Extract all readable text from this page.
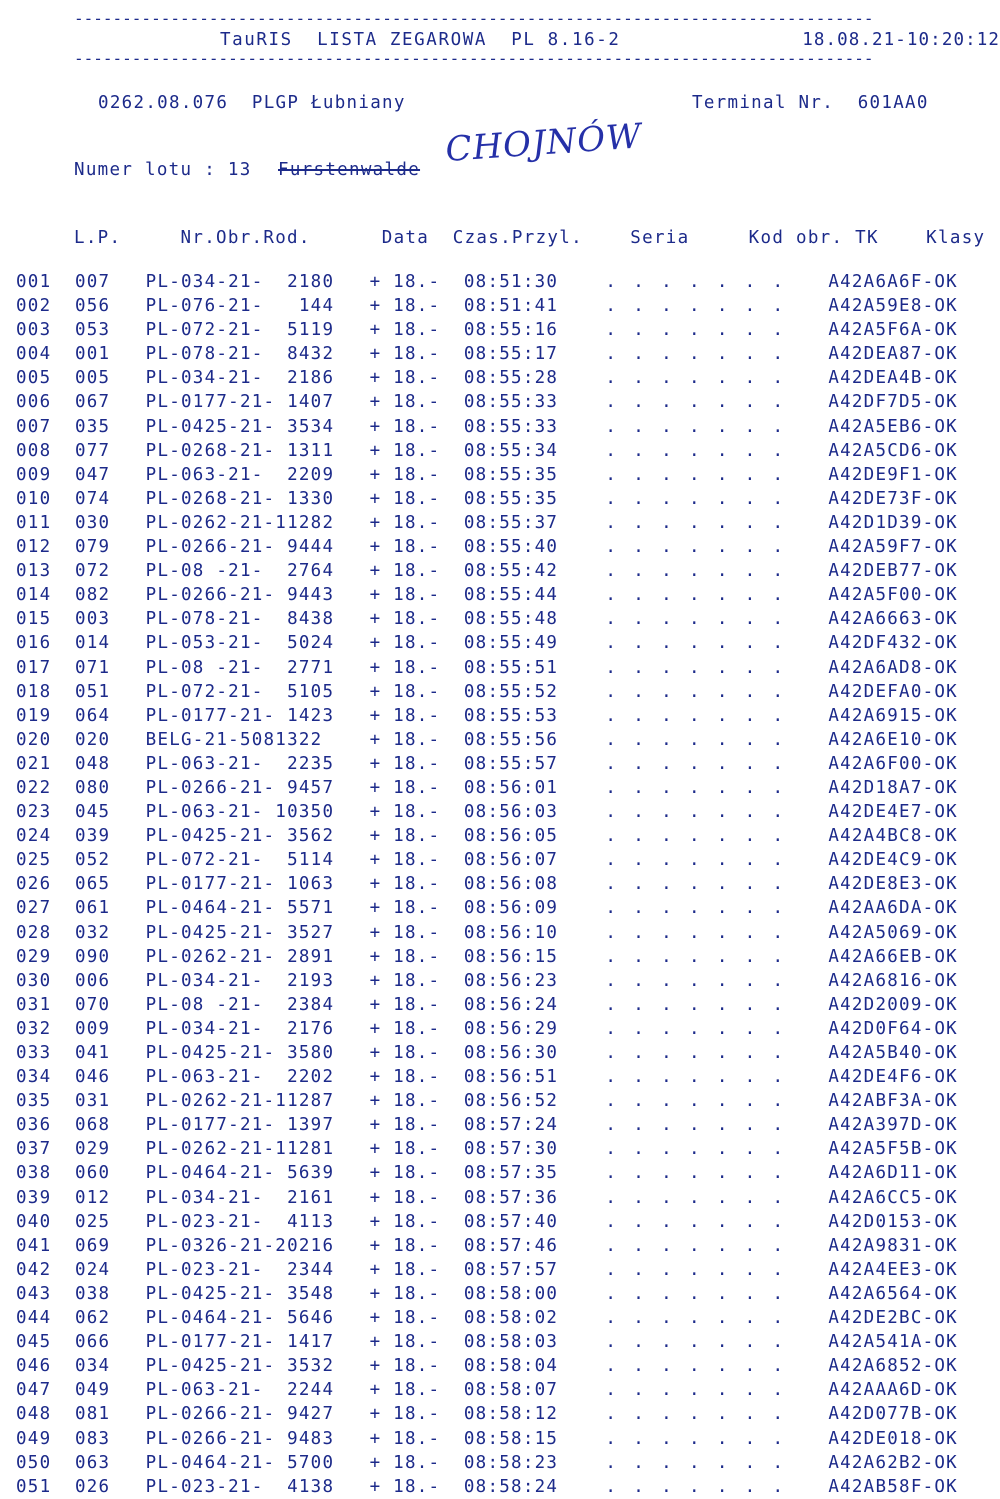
-----------------------------------------------------------------------------------
TauRIS  LISTA ZEGAROWA  PL 8.16-2	18.08.21-10:20:12
-----------------------------------------------------------------------------------
0262.08.076  PLGP Łubniany	Terminal Nr.  601AA0
Numer lotu : 13 Furstenwalde CHOJNÓW
L.P.     Nr.Obr.Rod.      Data  Czas.Przyl.    Seria     Kod obr. TK    Klasy
001  007   PL-034-21-  2180   + 18.-  08:51:30    . . . . . . .   A42A6A6F-OK
002  056   PL-076-21-   144   + 18.-  08:51:41    . . . . . . .   A42A59E8-OK
003  053   PL-072-21-  5119   + 18.-  08:55:16    . . . . . . .   A42A5F6A-OK
004  001   PL-078-21-  8432   + 18.-  08:55:17    . . . . . . .   A42DEA87-OK
005  005   PL-034-21-  2186   + 18.-  08:55:28    . . . . . . .   A42DEA4B-OK
006  067   PL-0177-21- 1407   + 18.-  08:55:33    . . . . . . .   A42DF7D5-OK
007  035   PL-0425-21- 3534   + 18.-  08:55:33    . . . . . . .   A42A5EB6-OK
008  077   PL-0268-21- 1311   + 18.-  08:55:34    . . . . . . .   A42A5CD6-OK
009  047   PL-063-21-  2209   + 18.-  08:55:35    . . . . . . .   A42DE9F1-OK
010  074   PL-0268-21- 1330   + 18.-  08:55:35    . . . . . . .   A42DE73F-OK
011  030   PL-0262-21-11282   + 18.-  08:55:37    . . . . . . .   A42D1D39-OK
012  079   PL-0266-21- 9444   + 18.-  08:55:40    . . . . . . .   A42A59F7-OK
013  072   PL-08 -21-  2764   + 18.-  08:55:42    . . . . . . .   A42DEB77-OK
014  082   PL-0266-21- 9443   + 18.-  08:55:44    . . . . . . .   A42A5F00-OK
015  003   PL-078-21-  8438   + 18.-  08:55:48    . . . . . . .   A42A6663-OK
016  014   PL-053-21-  5024   + 18.-  08:55:49    . . . . . . .   A42DF432-OK
017  071   PL-08 -21-  2771   + 18.-  08:55:51    . . . . . . .   A42A6AD8-OK
018  051   PL-072-21-  5105   + 18.-  08:55:52    . . . . . . .   A42DEFA0-OK
019  064   PL-0177-21- 1423   + 18.-  08:55:53    . . . . . . .   A42A6915-OK
020  020   BELG-21-5081322    + 18.-  08:55:56    . . . . . . .   A42A6E10-OK
021  048   PL-063-21-  2235   + 18.-  08:55:57    . . . . . . .   A42A6F00-OK
022  080   PL-0266-21- 9457   + 18.-  08:56:01    . . . . . . .   A42D18A7-OK
023  045   PL-063-21- 10350   + 18.-  08:56:03    . . . . . . .   A42DE4E7-OK
024  039   PL-0425-21- 3562   + 18.-  08:56:05    . . . . . . .   A42A4BC8-OK
025  052   PL-072-21-  5114   + 18.-  08:56:07    . . . . . . .   A42DE4C9-OK
026  065   PL-0177-21- 1063   + 18.-  08:56:08    . . . . . . .   A42DE8E3-OK
027  061   PL-0464-21- 5571   + 18.-  08:56:09    . . . . . . .   A42AA6DA-OK
028  032   PL-0425-21- 3527   + 18.-  08:56:10    . . . . . . .   A42A5069-OK
029  090   PL-0262-21- 2891   + 18.-  08:56:15    . . . . . . .   A42A66EB-OK
030  006   PL-034-21-  2193   + 18.-  08:56:23    . . . . . . .   A42A6816-OK
031  070   PL-08 -21-  2384   + 18.-  08:56:24    . . . . . . .   A42D2009-OK
032  009   PL-034-21-  2176   + 18.-  08:56:29    . . . . . . .   A42D0F64-OK
033  041   PL-0425-21- 3580   + 18.-  08:56:30    . . . . . . .   A42A5B40-OK
034  046   PL-063-21-  2202   + 18.-  08:56:51    . . . . . . .   A42DE4F6-OK
035  031   PL-0262-21-11287   + 18.-  08:56:52    . . . . . . .   A42ABF3A-OK
036  068   PL-0177-21- 1397   + 18.-  08:57:24    . . . . . . .   A42A397D-OK
037  029   PL-0262-21-11281   + 18.-  08:57:30    . . . . . . .   A42A5F5B-OK
038  060   PL-0464-21- 5639   + 18.-  08:57:35    . . . . . . .   A42A6D11-OK
039  012   PL-034-21-  2161   + 18.-  08:57:36    . . . . . . .   A42A6CC5-OK
040  025   PL-023-21-  4113   + 18.-  08:57:40    . . . . . . .   A42D0153-OK
041  069   PL-0326-21-20216   + 18.-  08:57:46    . . . . . . .   A42A9831-OK
042  024   PL-023-21-  2344   + 18.-  08:57:57    . . . . . . .   A42A4EE3-OK
043  038   PL-0425-21- 3548   + 18.-  08:58:00    . . . . . . .   A42A6564-OK
044  062   PL-0464-21- 5646   + 18.-  08:58:02    . . . . . . .   A42DE2BC-OK
045  066   PL-0177-21- 1417   + 18.-  08:58:03    . . . . . . .   A42A541A-OK
046  034   PL-0425-21- 3532   + 18.-  08:58:04    . . . . . . .   A42A6852-OK
047  049   PL-063-21-  2244   + 18.-  08:58:07    . . . . . . .   A42AAA6D-OK
048  081   PL-0266-21- 9427   + 18.-  08:58:12    . . . . . . .   A42D077B-OK
049  083   PL-0266-21- 9483   + 18.-  08:58:15    . . . . . . .   A42DE018-OK
050  063   PL-0464-21- 5700   + 18.-  08:58:23    . . . . . . .   A42A62B2-OK
051  026   PL-023-21-  4138   + 18.-  08:58:24    . . . . . . .   A42AB58F-OK
